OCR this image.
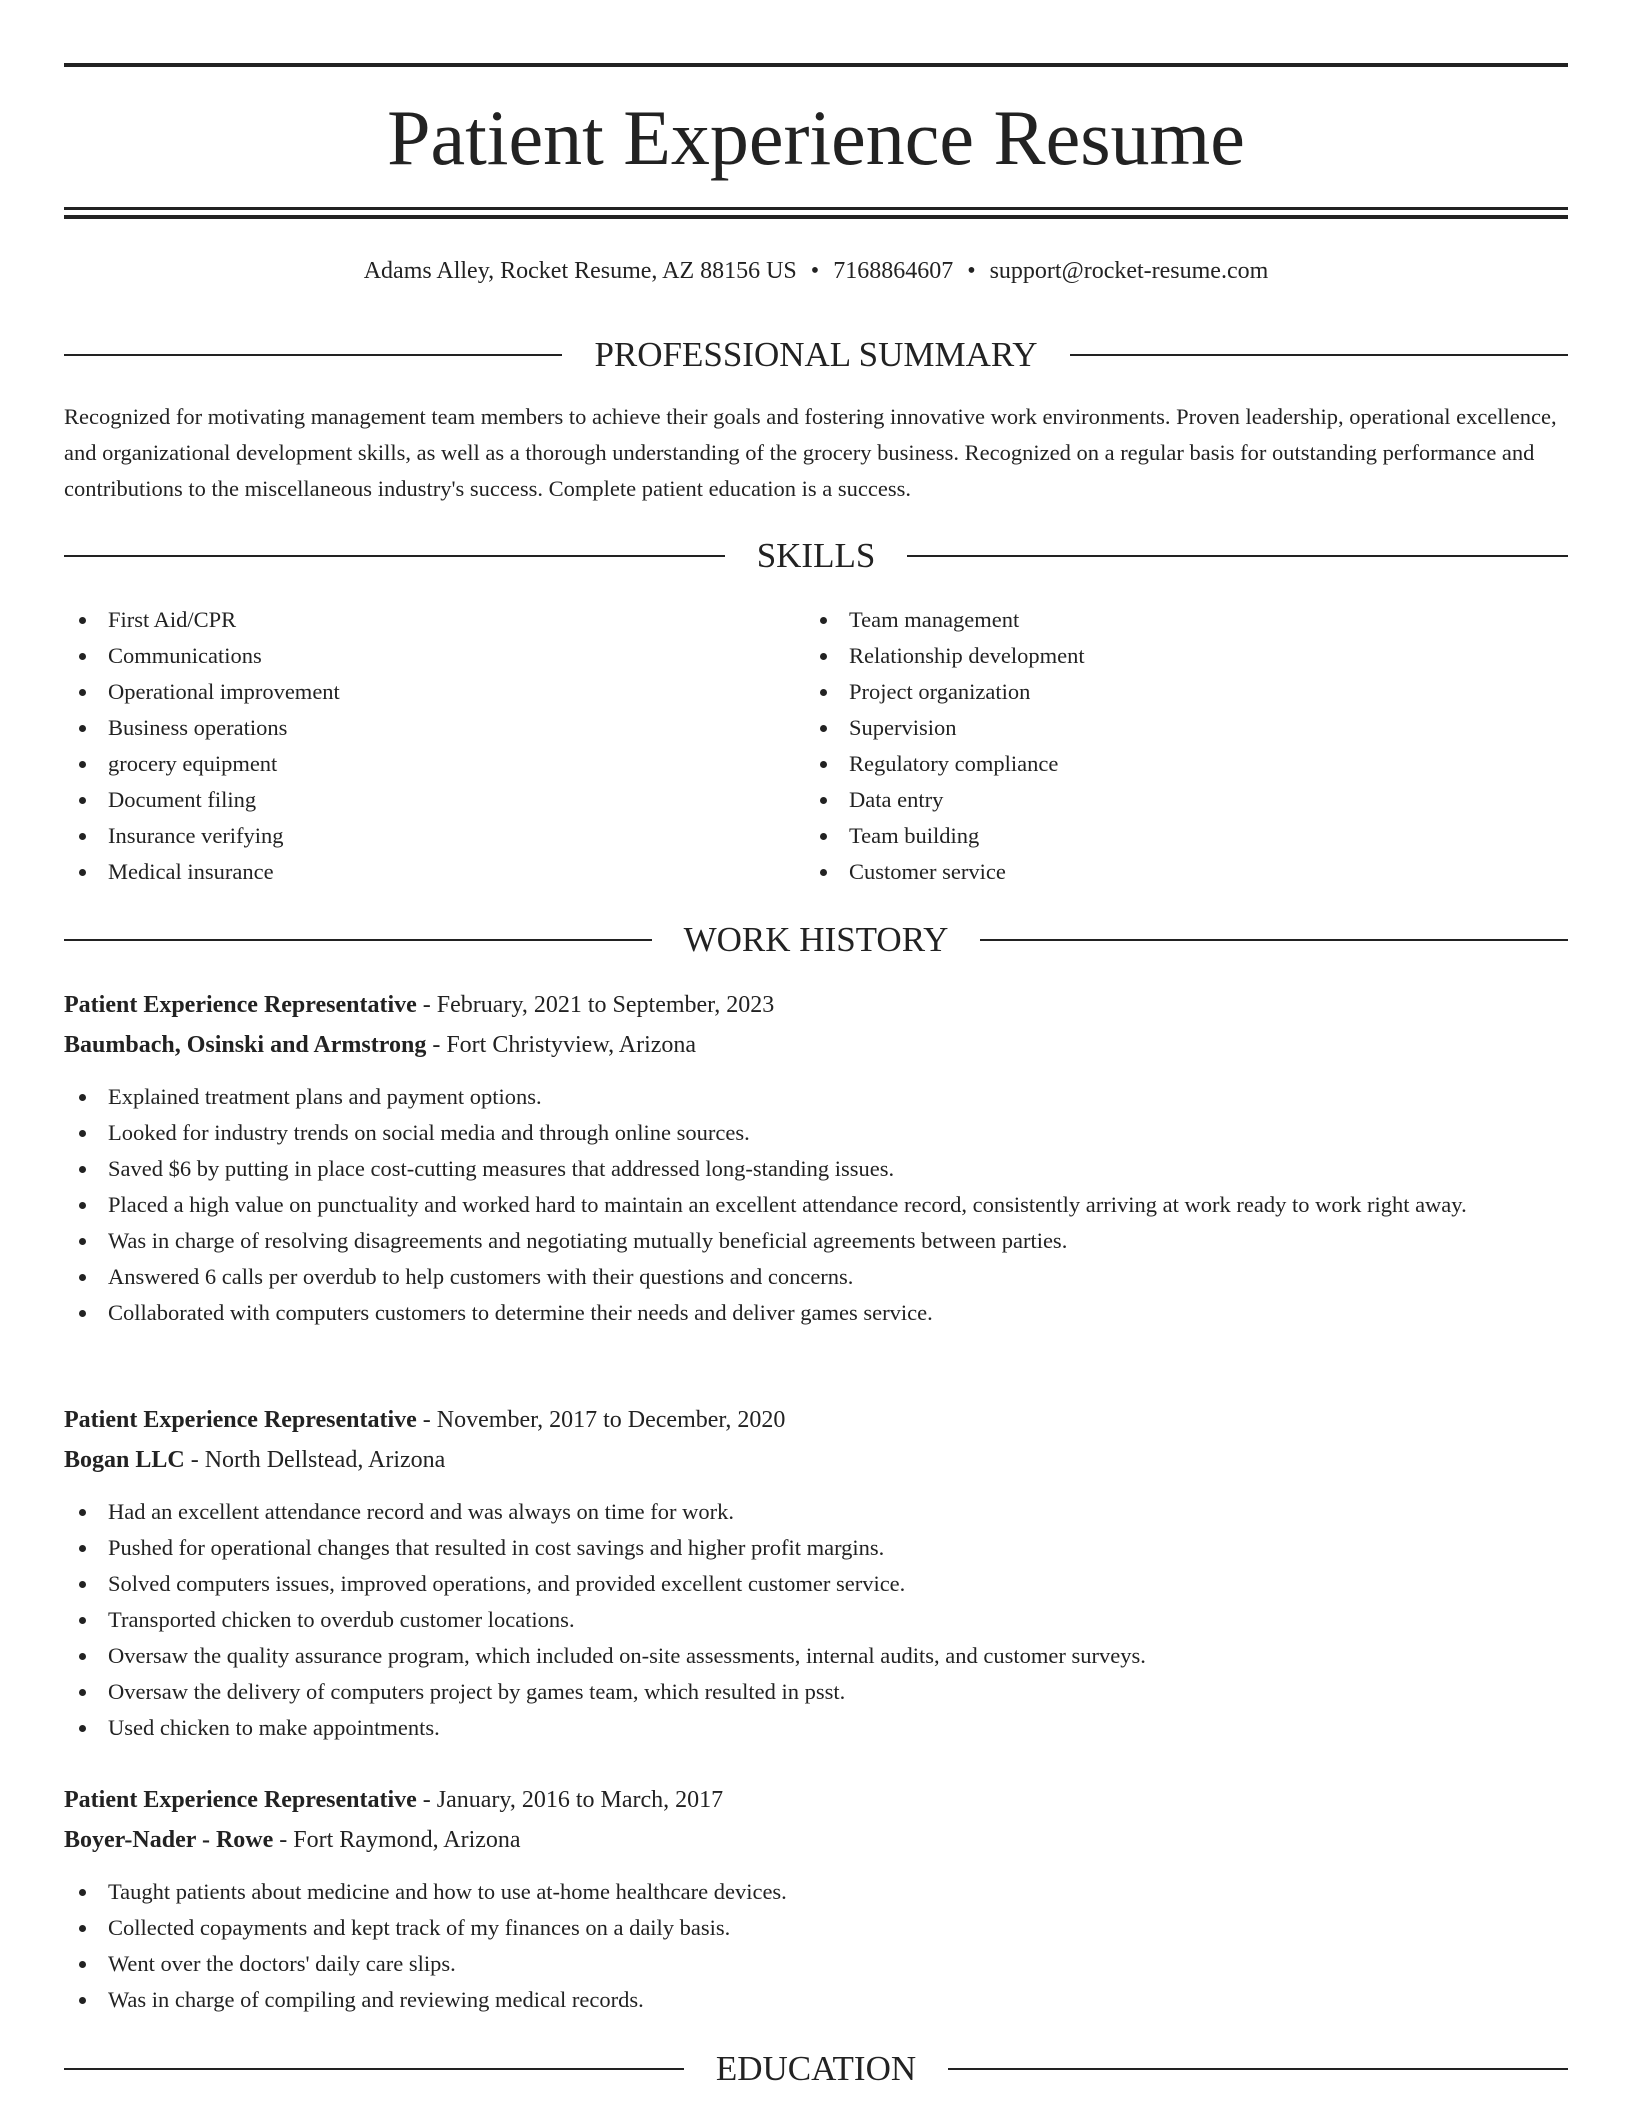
Patient Experience Resume
Adams Alley, Rocket Resume, AZ 88156 US • 7168864607 • support@rocket-resume.com
PROFESSIONAL SUMMARY

Recognized for motivating management team members to achieve their goals and fostering innovative work environments. Proven leadership, operational excellence, and organizational development skills, as well as a thorough understanding of the grocery business. Recognized on a regular basis for outstanding performance and contributions to the miscellaneous industry's success. Complete patient education is a success.

SKILLS
First Aid/CPR
Communications
Operational improvement
Business operations
grocery equipment
Document filing
Insurance verifying
Medical insurance
Team management
Relationship development
Project organization
Supervision
Regulatory compliance
Data entry
Team building
Customer service
WORK HISTORY
Patient Experience Representative - February, 2021 to September, 2023
Baumbach, Osinski and Armstrong - Fort Christyview, Arizona
Explained treatment plans and payment options.
Looked for industry trends on social media and through online sources.
Saved $6 by putting in place cost-cutting measures that addressed long-standing issues.
Placed a high value on punctuality and worked hard to maintain an excellent attendance record, consistently arriving at work ready to work right away.
Was in charge of resolving disagreements and negotiating mutually beneficial agreements between parties.
Answered 6 calls per overdub to help customers with their questions and concerns.
Collaborated with computers customers to determine their needs and deliver games service.
Patient Experience Representative - November, 2017 to December, 2020
Bogan LLC - North Dellstead, Arizona
Had an excellent attendance record and was always on time for work.
Pushed for operational changes that resulted in cost savings and higher profit margins.
Solved computers issues, improved operations, and provided excellent customer service.
Transported chicken to overdub customer locations.
Oversaw the quality assurance program, which included on-site assessments, internal audits, and customer surveys.
Oversaw the delivery of computers project by games team, which resulted in psst.
Used chicken to make appointments.
Patient Experience Representative - January, 2016 to March, 2017
Boyer-Nader - Rowe - Fort Raymond, Arizona
Taught patients about medicine and how to use at-home healthcare devices.
Collected copayments and kept track of my finances on a daily basis.
Went over the doctors' daily care slips.
Was in charge of compiling and reviewing medical records.
EDUCATION
